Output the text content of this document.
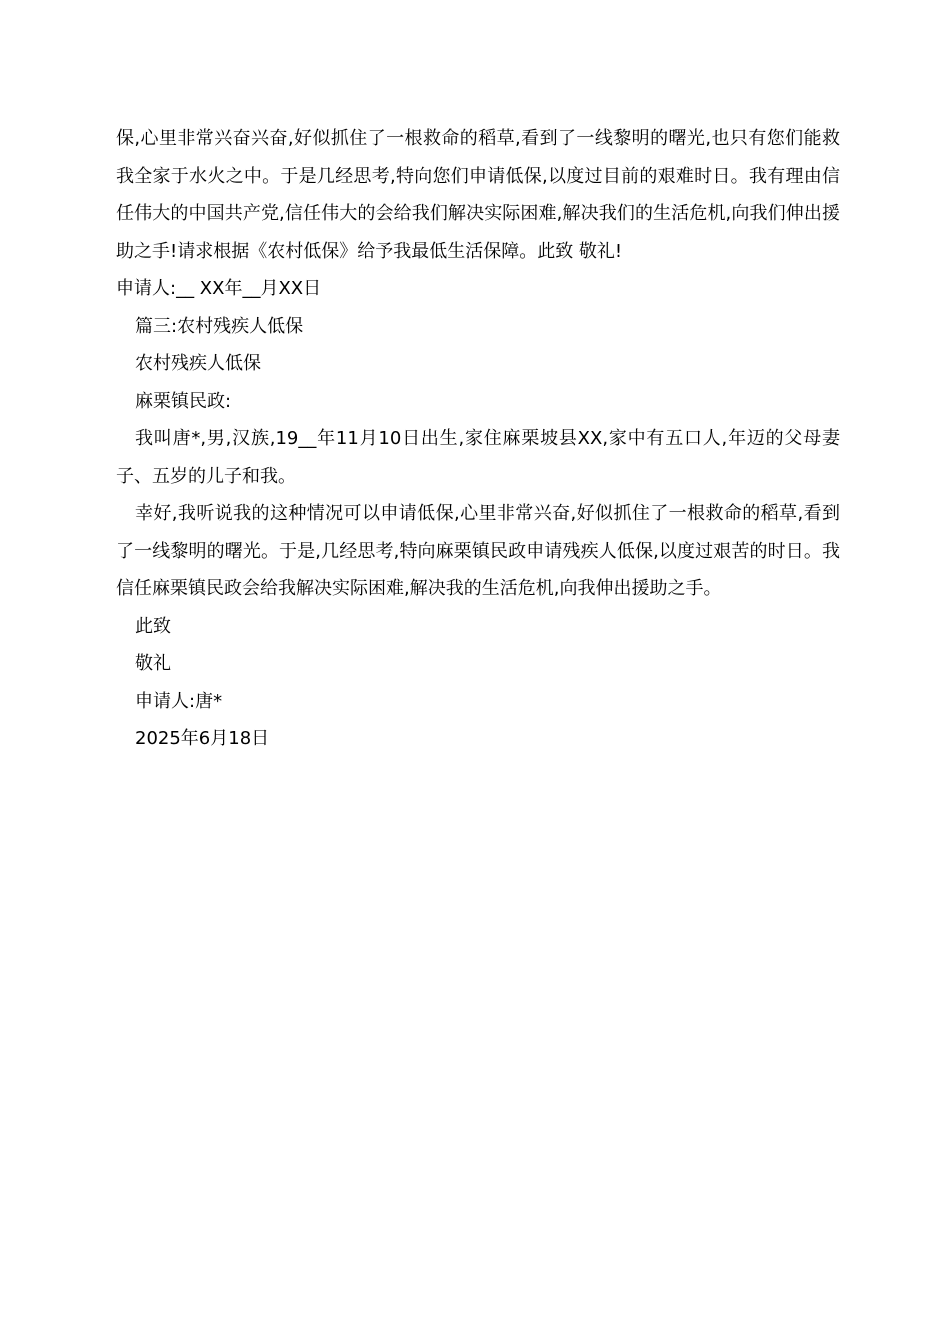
保,心里非常兴奋兴奋,好似抓住了一根救命的稻草,看到了一线黎明的曙光,也只有您们能救我全家于水火之中。于是几经思考,特向您们申请低保,以度过目前的艰难时日。我有理由信任伟大的中国共产党,信任伟大的会给我们解决实际困难,解决我们的生活危机,向我们伸出援助之手!请求根据《农村低保》给予我最低生活保障。此致 敬礼!

申请人:__ XX年__月XX日

篇三:农村残疾人低保

农村残疾人低保

麻栗镇民政:

我叫唐*,男,汉族,19__年11月10日出生,家住麻栗坡县XX,家中有五口人,年迈的父母妻子、五岁的儿子和我。

幸好,我听说我的这种情况可以申请低保,心里非常兴奋,好似抓住了一根救命的稻草,看到了一线黎明的曙光。于是,几经思考,特向麻栗镇民政申请残疾人低保,以度过艰苦的时日。我信任麻栗镇民政会给我解决实际困难,解决我的生活危机,向我伸出援助之手。

此致

敬礼

申请人:唐*

2025年6月18日
